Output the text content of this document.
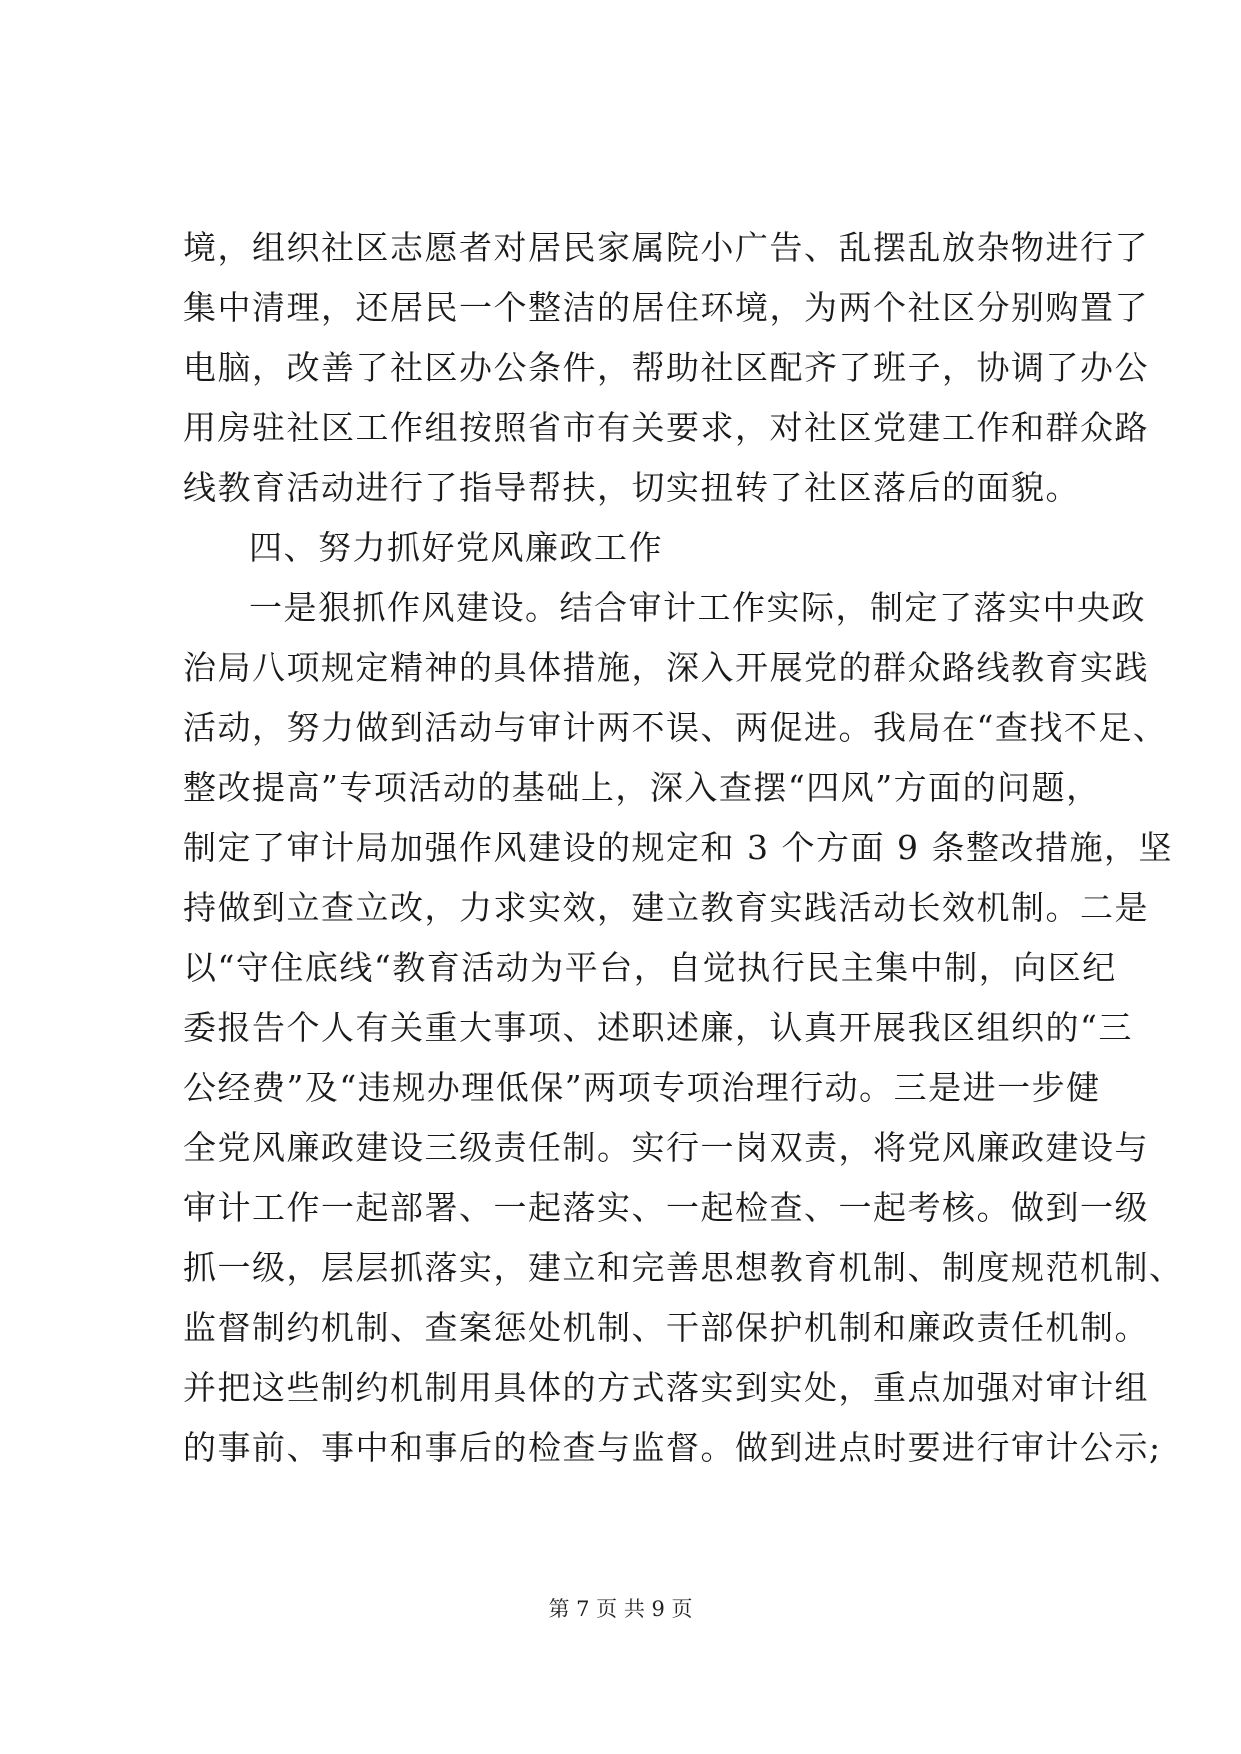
境，组织社区志愿者对居民家属院小广告、乱摆乱放杂物进行了
集中清理，还居民一个整洁的居住环境，为两个社区分别购置了
电脑，改善了社区办公条件，帮助社区配齐了班子，协调了办公
用房驻社区工作组按照省市有关要求，对社区党建工作和群众路
线教育活动进行了指导帮扶，切实扭转了社区落后的面貌。
四、努力抓好党风廉政工作
一是狠抓作风建设。结合审计工作实际，制定了落实中央政
治局八项规定精神的具体措施，深入开展党的群众路线教育实践
活动，努力做到活动与审计两不误、两促进。我局在“查找不足、
整改提高”专项活动的基础上，深入查摆“四风”方面的问题，
制定了审计局加强作风建设的规定和 3 个方面 9 条整改措施，坚
持做到立查立改，力求实效，建立教育实践活动长效机制。二是
以“守住底线“教育活动为平台，自觉执行民主集中制，向区纪
委报告个人有关重大事项、述职述廉，认真开展我区组织的“三
公经费”及“违规办理低保”两项专项治理行动。三是进一步健
全党风廉政建设三级责任制。实行一岗双责，将党风廉政建设与
审计工作一起部署、一起落实、一起检查、一起考核。做到一级
抓一级，层层抓落实，建立和完善思想教育机制、制度规范机制、
监督制约机制、查案惩处机制、干部保护机制和廉政责任机制。
并把这些制约机制用具体的方式落实到实处，重点加强对审计组
的事前、事中和事后的检查与监督。做到进点时要进行审计公示;
第 7 页 共 9 页
